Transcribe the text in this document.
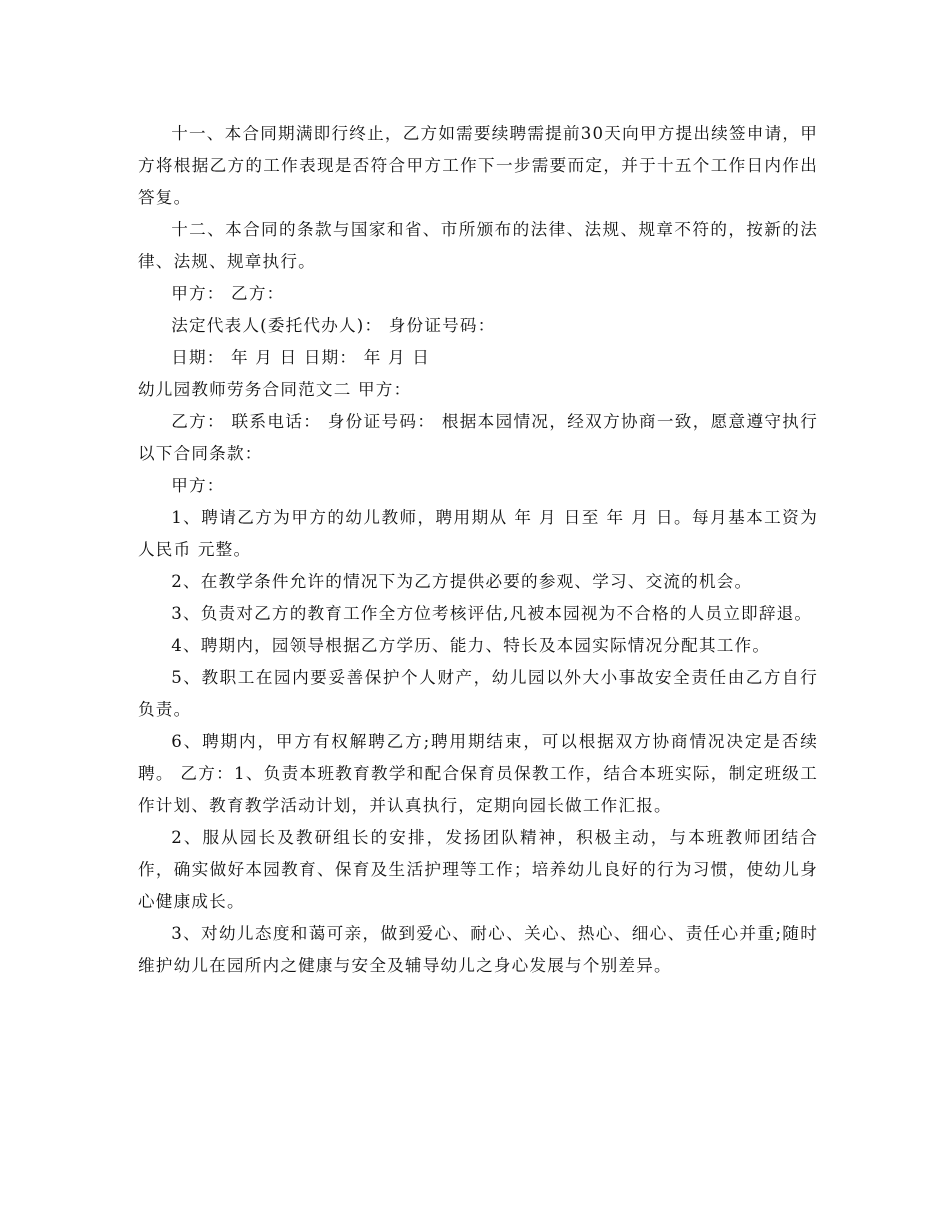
十一、本合同期满即行终止，乙方如需要续聘需提前30天向甲方提出续签申请，甲方将根据乙方的工作表现是否符合甲方工作下一步需要而定，并于十五个工作日内作出答复。

十二、本合同的条款与国家和省、市所颁布的法律、法规、规章不符的，按新的法律、法规、规章执行。

甲方： 乙方：

法定代表人(委托代办人)： 身份证号码：

日期： 年 月 日 日期： 年 月 日

幼儿园教师劳务合同范文二 甲方：

乙方： 联系电话： 身份证号码： 根据本园情况，经双方协商一致，愿意遵守执行以下合同条款：

甲方：

1、聘请乙方为甲方的幼儿教师，聘用期从 年 月 日至 年 月 日。每月基本工资为人民币 元整。

2、在教学条件允许的情况下为乙方提供必要的参观、学习、交流的机会。

3、负责对乙方的教育工作全方位考核评估,凡被本园视为不合格的人员立即辞退。

4、聘期内，园领导根据乙方学历、能力、特长及本园实际情况分配其工作。

5、教职工在园内要妥善保护个人财产，幼儿园以外大小事故安全责任由乙方自行负责。

6、聘期内，甲方有权解聘乙方;聘用期结束，可以根据双方协商情况决定是否续聘。 乙方：1、负责本班教育教学和配合保育员保教工作，结合本班实际，制定班级工作计划、教育教学活动计划，并认真执行，定期向园长做工作汇报。

2、服从园长及教研组长的安排，发扬团队精神，积极主动，与本班教师团结合作，确实做好本园教育、保育及生活护理等工作；培养幼儿良好的行为习惯，使幼儿身心健康成长。

3、对幼儿态度和蔼可亲，做到爱心、耐心、关心、热心、细心、责任心并重;随时维护幼儿在园所内之健康与安全及辅导幼儿之身心发展与个别差异。
